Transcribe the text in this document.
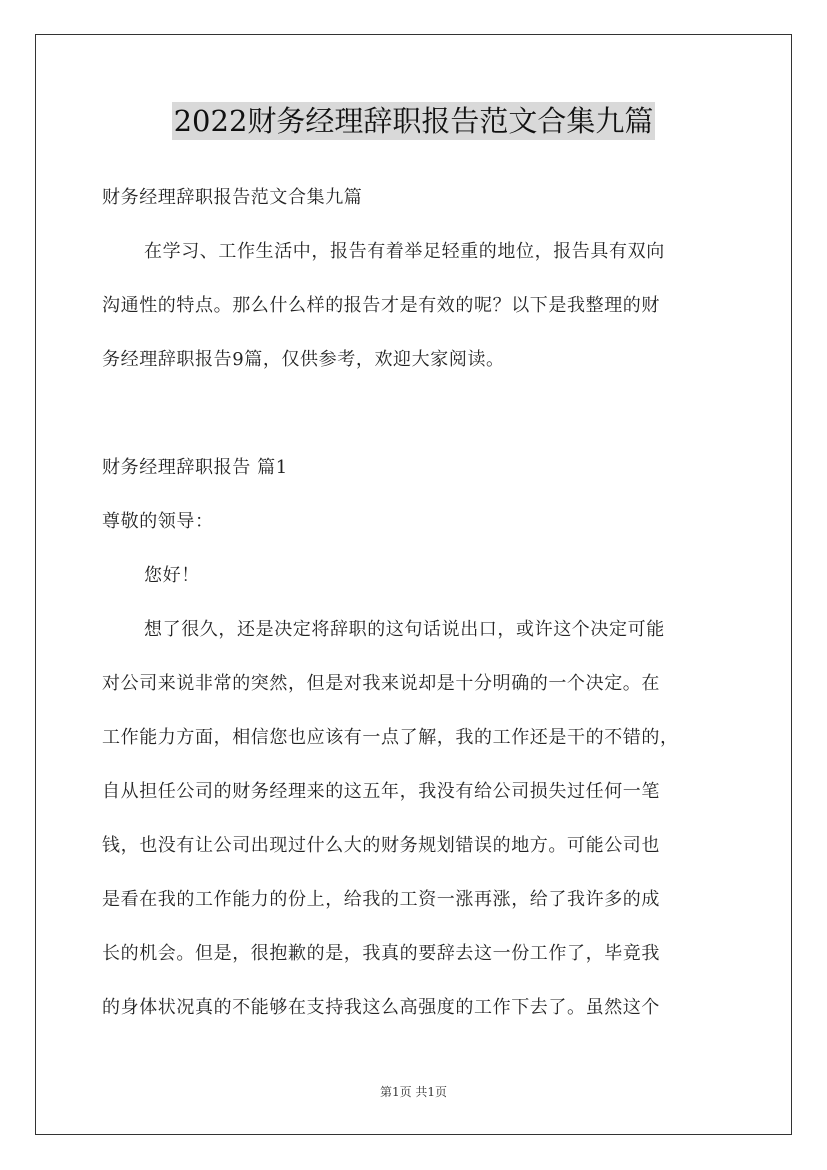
2022财务经理辞职报告范文合集九篇
财务经理辞职报告范文合集九篇
在学习、工作生活中，报告有着举足轻重的地位，报告具有双向
沟通性的特点。那么什么样的报告才是有效的呢？以下是我整理的财
务经理辞职报告9篇，仅供参考，欢迎大家阅读。
财务经理辞职报告 篇1
尊敬的领导：
您好！
想了很久，还是决定将辞职的这句话说出口，或许这个决定可能
对公司来说非常的突然，但是对我来说却是十分明确的一个决定。在
工作能力方面，相信您也应该有一点了解，我的工作还是干的不错的，
自从担任公司的财务经理来的这五年，我没有给公司损失过任何一笔
钱，也没有让公司出现过什么大的财务规划错误的地方。可能公司也
是看在我的工作能力的份上，给我的工资一涨再涨，给了我许多的成
长的机会。但是，很抱歉的是，我真的要辞去这一份工作了，毕竟我
的身体状况真的不能够在支持我这么高强度的工作下去了。虽然这个
第1页 共1页
